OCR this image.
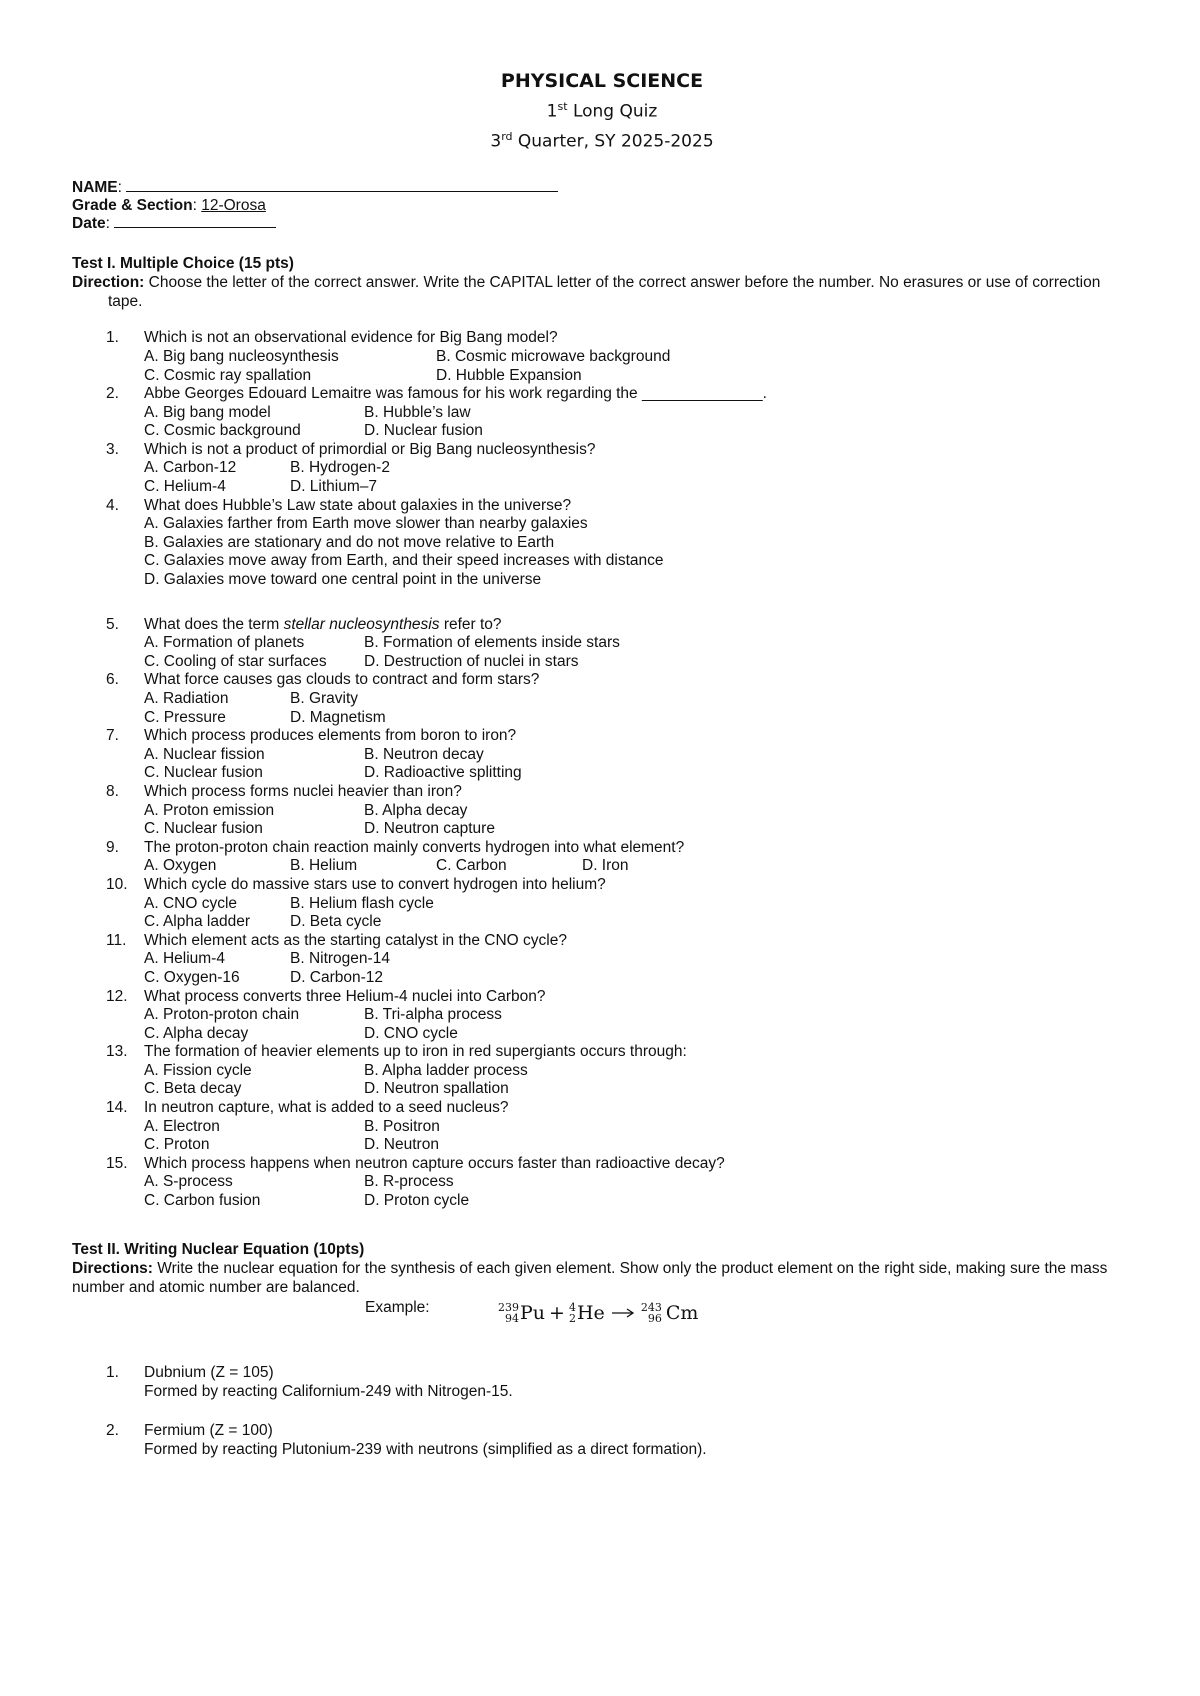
PHYSICAL SCIENCE
1st Long Quiz
3rd Quarter, SY 2025-2025
NAME:
Grade & Section: 12-Orosa
Date:
Test I. Multiple Choice (15 pts)
Direction: Choose the letter of the correct answer. Write the CAPITAL letter of the correct answer before the number. No erasures or use of correction tape.
1. Which is not an observational evidence for Big Bang model?
A. Big bang nucleosynthesis	B. Cosmic microwave background
C. Cosmic ray spallation	D. Hubble Expansion
2. Abbe Georges Edouard Lemaitre was famous for his work regarding the ______________.
A. Big bang model	B. Hubble’s law
C. Cosmic background	D. Nuclear fusion
3. Which is not a product of primordial or Big Bang nucleosynthesis?
A. Carbon-12	B. Hydrogen-2
C. Helium-4	D. Lithium–7
4. What does Hubble’s Law state about galaxies in the universe?
A. Galaxies farther from Earth move slower than nearby galaxies
B. Galaxies are stationary and do not move relative to Earth
C. Galaxies move away from Earth, and their speed increases with distance
D. Galaxies move toward one central point in the universe
5. What does the term stellar nucleosynthesis refer to?
A. Formation of planets	B. Formation of elements inside stars
C. Cooling of star surfaces	D. Destruction of nuclei in stars
6. What force causes gas clouds to contract and form stars?
A. Radiation	B. Gravity
C. Pressure	D. Magnetism
7. Which process produces elements from boron to iron?
A. Nuclear fission	B. Neutron decay
C. Nuclear fusion	D. Radioactive splitting
8. Which process forms nuclei heavier than iron?
A. Proton emission	B. Alpha decay
C. Nuclear fusion	D. Neutron capture
9. The proton-proton chain reaction mainly converts hydrogen into what element?
A. Oxygen	B. Helium	C. Carbon	D. Iron
10. Which cycle do massive stars use to convert hydrogen into helium?
A. CNO cycle	B. Helium flash cycle
C. Alpha ladder	D. Beta cycle
11. Which element acts as the starting catalyst in the CNO cycle?
A. Helium-4	B. Nitrogen-14
C. Oxygen-16	D. Carbon-12
12. What process converts three Helium-4 nuclei into Carbon?
A. Proton-proton chain	B. Tri-alpha process
C. Alpha decay	D. CNO cycle
13. The formation of heavier elements up to iron in red supergiants occurs through:
A. Fission cycle	B. Alpha ladder process
C. Beta decay	D. Neutron spallation
14. In neutron capture, what is added to a seed nucleus?
A. Electron	B. Positron
C. Proton	D. Neutron
15. Which process happens when neutron capture occurs faster than radioactive decay?
A. S-process	B. R-process
C. Carbon fusion	D. Proton cycle
Test II. Writing Nuclear Equation (10pts)
Directions: Write the nuclear equation for the synthesis of each given element. Show only the product element on the right side, making sure the mass number and atomic number are balanced.
Example:	239
94 Pu + 4
2 He	243
96 Cm
1. Dubnium (Z = 105)
Formed by reacting Californium-249 with Nitrogen-15.
2. Fermium (Z = 100)
Formed by reacting Plutonium-239 with neutrons (simplified as a direct formation).
